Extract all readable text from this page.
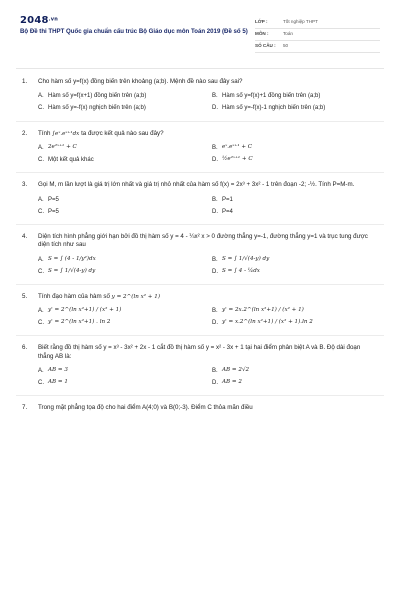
2048.vn
Bộ Đề thi THPT Quốc gia chuẩn cấu trúc Bộ Giáo dục môn Toán 2019 (Đề số 5)
LỚP :	Tốt nghiệp THPT
MÔN :	Toán
SỐ CÂU :	50
1. Cho hàm số y=f(x) đồng biến trên khoảng (a;b). Mệnh đề nào sau đây sai?
A. Hàm số y=f(x+1) đồng biến trên (a;b)	B. Hàm số y=f(x)+1 đồng biến trên (a;b)
C. Hàm số y=-f(x) nghịch biến trên (a;b)	D. Hàm số y=-f(x)-1 nghịch biến trên (a;b)
2. Tính ∫eˣ.eˣ⁺¹dx ta được kết quả nào sau đây?
A. 2e²ˣ⁺¹ + C	B. eˣ.eˣ⁺¹ + C
C. Một kết quả khác	D. ½e²ˣ⁺¹ + C
3. Gọi M, m lần lượt là giá trị lớn nhất và giá trị nhỏ nhất của hàm số f(x) = 2x³ + 3x² - 1 trên đoạn -2; -½. Tính P=M-m.
A. P=5	B. P=1
C. P=5	D. P=4
4. Diện tích hình phẳng giới hạn bởi đồ thị hàm số y = 4 - ¼x² x > 0 đường thẳng y=-1, đường thẳng y=1 và trục tung được diện tích như sau
A. S = ∫ (4 - 1/y²)dx	B. S = ∫ 1/√(4-y) dy
C. S = ∫ 1/√(4-y) dy	D. S = ∫ 4 - ¼dx
5. Tính đạo hàm của hàm số y = 2^(ln x² + 1)
A. y' = 2^(ln x²+1) / (x² + 1)	B. y' = 2x.2^(ln x²+1) / (x² + 1)
C. y' = 2^(ln x²+1) . ln 2	D. y' = x.2^(ln x²+1) / (x² + 1).ln 2
6. Biết rằng đồ thị hàm số y = x³ - 3x² + 2x - 1 cắt đồ thị hàm số y = x² - 3x + 1 tại hai điểm phân biệt A và B. Độ dài đoạn thẳng AB là:
A. AB = 3	B. AB = 2√2
C. AB = 1	D. AB = 2
7. Trong mặt phẳng tọa độ cho hai điểm A(4;0) và B(0;-3). Điểm C thỏa mãn điều
